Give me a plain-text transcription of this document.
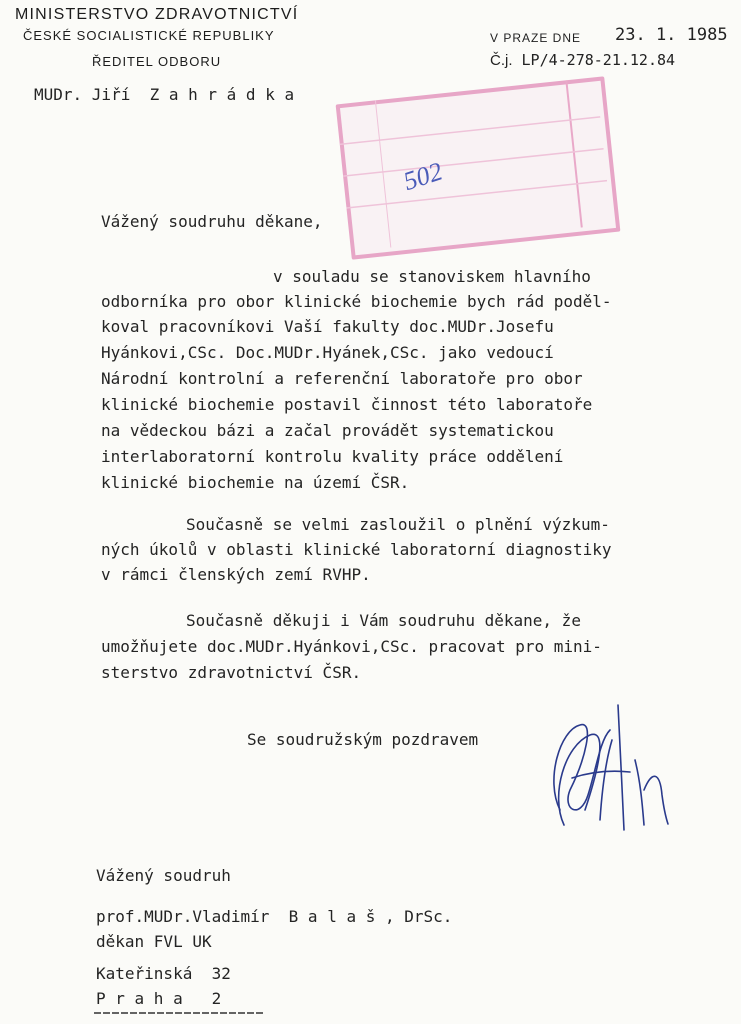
MINISTERSTVO ZDRAVOTNICTVÍ
ČESKÉ SOCIALISTICKÉ REPUBLIKY
ŘEDITEL ODBORU
V PRAZE DNE 23. 1. 1985
Č.j. LP/4-278-21.12.84
MUDr. Jiří  Z a h r á d k a
502
Vážený soudruhu děkane,
v souladu se stanoviskem hlavního
odborníka pro obor klinické biochemie bych rád poděl-
koval pracovníkovi Vaší fakulty doc.MUDr.Josefu
Hyánkovi,CSc. Doc.MUDr.Hyánek,CSc. jako vedoucí
Národní kontrolní a referenční laboratoře pro obor
klinické biochemie postavil činnost této laboratoře
na vědeckou bázi a začal provádět systematickou
interlaboratorní kontrolu kvality práce oddělení
klinické biochemie na území ČSR.
Současně se velmi zasloužil o plnění výzkum-
ných úkolů v oblasti klinické laboratorní diagnostiky
v rámci členských zemí RVHP.
Současně děkuji i Vám soudruhu děkane, že
umožňujete doc.MUDr.Hyánkovi,CSc. pracovat pro mini-
sterstvo zdravotnictví ČSR.
Se soudružským pozdravem
Vážený soudruh
prof.MUDr.Vladimír  B a l a š , DrSc.
děkan FVL UK
Kateřinská  32
P r a h a   2
